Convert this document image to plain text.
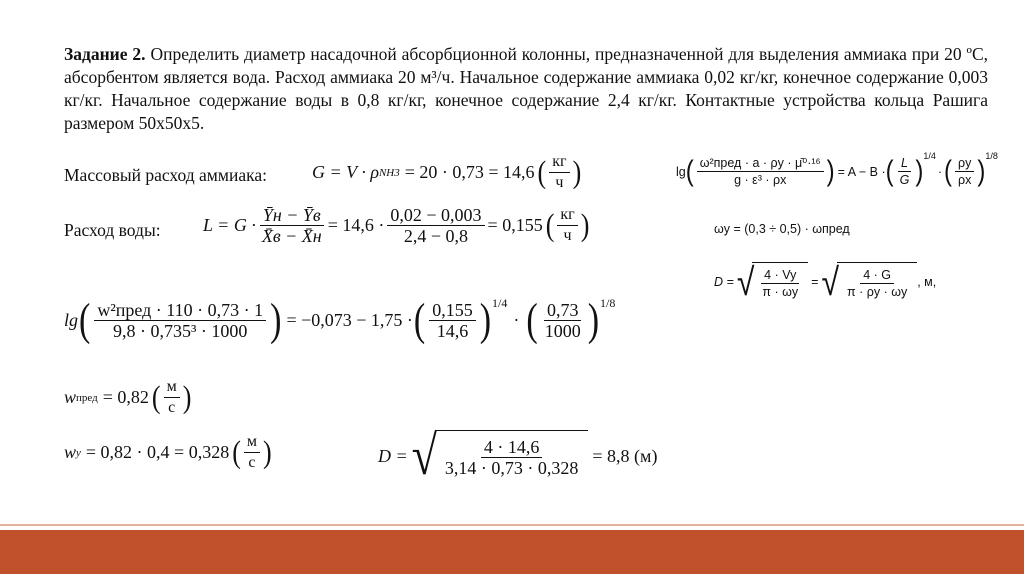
Задание 2. Определить диаметр насадочной абсорбционной колонны, предназначенной для выделения аммиака при 20 ºС, абсорбентом является вода. Расход аммиака 20 м³/ч. Начальное содержание аммиака 0,02 кг/кг, конечное содержание 0,003 кг/кг. Начальное содержание воды в 0,8 кг/кг, конечное содержание 2,4 кг/кг. Контактные устройства кольца Рашига размером 50х50х5.
Массовый расход аммиака:	G = V · ρ NH3 = 20 · 0,73 = 14,6 ( $\frac{кг}{ч}$ )
Расход воды: $L = G \cdot \frac{Ȳн - Ȳв}{X̄в - X̄н} = 14,6 \cdot \frac{0,02 - 0,003}{2,4 - 0,8} = 0,155$ ( $\frac{кг}{ч}$ )
lg ( $\frac{\text{w²пред · 110 · 0,73 · 1}}{\text{9,8 · 0,735³ · 1000}}$ ) = −0,073 − 1,75 · ( $\frac{0,155}{14,6}$ ) 1/4
· ( $\frac{0,73}{1000}$ ) 1/8
w пред = 0,82 ( $\frac{м}{с}$ )
w y = 0,82 · 0,4 = 0,328 ( $\frac{м}{с}$ )	D = √ $\frac{4 \cdot 14,6}{3,14 \cdot 0,73 \cdot 0,328} = 8,8$ (м)
lg ( $\frac{\text{ω²пред · a · ρy · μ̄⁰·¹⁶}}{\text{g · ε³ · ρx}}$ ) = A − B · ( $\frac{L}{G}$ ) 1/4
· ( $\frac{\rho y}{\rho x}$ ) 1/8
ωy = (0,3 ÷ 0,5) · ωпред
D = √ $\frac{4 \cdot Vy}{\pi \cdot \omega y}$ = √ $\frac{4 \cdot G}{\pi \cdot \rho y \cdot \omega y}$ , м,
